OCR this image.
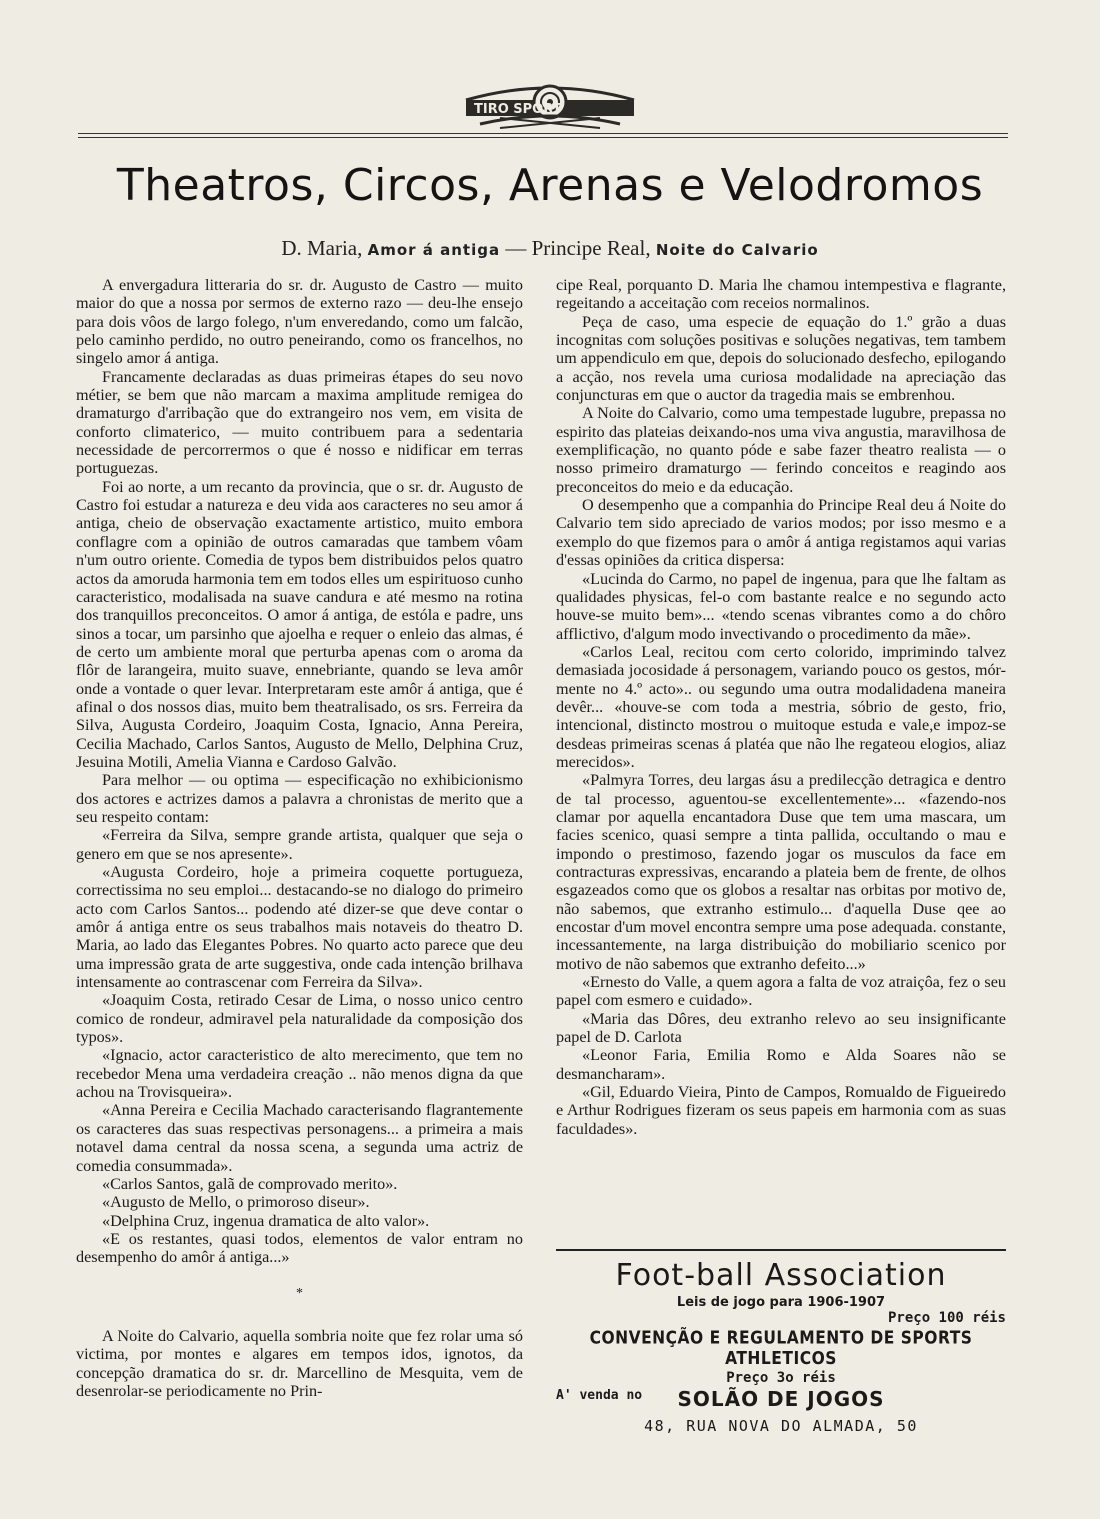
TIRO SPORT
Theatros, Circos, Arenas e Velodromos
D. Maria, Amor á antiga — Principe Real, Noite do Calvario

A envergadura litteraria do sr. dr. Augusto de Castro — muito maior do que a nossa por sermos de externo razo — deu-lhe ensejo para dois vôos de largo folego, n'um enveredando, como um falcão, pelo caminho perdido, no outro peneirando, como os francelhos, no singelo amor á antiga.

Francamente declaradas as duas primeiras étapes do seu novo métier, se bem que não marcam a maxima amplitude remigea do dramaturgo d'arribação que do extrangeiro nos vem, em visita de conforto climaterico, — muito contribuem para a sedentaria necessidade de percorrermos o que é nosso e nidificar em terras portuguezas.

Foi ao norte, a um recanto da provincia, que o sr. dr. Augusto de Castro foi estudar a natureza e deu vida aos caracteres no seu amor á antiga, cheio de observação exactamente artistico, muito embora conflagre com a opinião de outros camaradas que tambem vôam n'um outro oriente. Comedia de typos bem distribuidos pelos quatro actos da amoruda harmonia tem em todos elles um espirituoso cunho caracteristico, modalisada na suave candura e até mesmo na rotina dos tranquillos preconceitos. O amor á antiga, de estóla e padre, uns sinos a tocar, um parsinho que ajoelha e requer o enleio das almas, é de certo um ambiente moral que perturba apenas com o aroma da flôr de larangeira, muito suave, ennebriante, quando se leva amôr onde a vontade o quer levar. Interpretaram este amôr á antiga, que é afinal o dos nossos dias, muito bem theatralisado, os srs. Ferreira da Silva, Augusta Cordeiro, Joaquim Costa, Ignacio, Anna Pereira, Cecilia Machado, Carlos Santos, Augusto de Mello, Delphina Cruz, Jesuina Motili, Amelia Vianna e Cardoso Galvão.

Para melhor — ou optima — especificação no exhibicionismo dos actores e actrizes damos a palavra a chronistas de merito que a seu respeito contam:

«Ferreira da Silva, sempre grande artista, qualquer que seja o genero em que se nos apresente».

«Augusta Cordeiro, hoje a primeira coquette portugueza, correctissima no seu emploi... destacando-se no dialogo do primeiro acto com Carlos Santos... podendo até dizer-se que deve contar o amôr á antiga entre os seus trabalhos mais notaveis do theatro D. Maria, ao lado das Elegantes Pobres. No quarto acto parece que deu uma impressão grata de arte suggestiva, onde cada intenção brilhava intensamente ao contrascenar com Ferreira da Silva».

«Joaquim Costa, retirado Cesar de Lima, o nosso unico centro comico de rondeur, admiravel pela naturalidade da composição dos typos».

«Ignacio, actor caracteristico de alto merecimento, que tem no recebedor Mena uma verdadeira creação .. não menos digna da que achou na Trovisqueira».

«Anna Pereira e Cecilia Machado caracterisando flagrantemente os caracteres das suas respectivas personagens... a primeira a mais notavel dama central da nossa scena, a segunda uma actriz de comedia consummada».

«Carlos Santos, galã de comprovado merito».

«Augusto de Mello, o primoroso diseur».

«Delphina Cruz, ingenua dramatica de alto valor».

«E os restantes, quasi todos, elementos de valor entram no desempenho do amôr á antiga...»

*

A Noite do Calvario, aquella sombria noite que fez rolar uma só victima, por montes e algares em tempos idos, ignotos, da concepção dramatica do sr. dr. Marcellino de Mesquita, vem de desenrolar-se periodicamente no Prin-

cipe Real, porquanto D. Maria lhe chamou intempestiva e flagrante, regeitando a acceitação com receios normalinos.

Peça de caso, uma especie de equação do 1.º grão a duas incognitas com soluções positivas e soluções negativas, tem tambem um appendiculo em que, depois do solucionado desfecho, epilogando a acção, nos revela uma curiosa modalidade na apreciação das conjuncturas em que o auctor da tragedia mais se embrenhou.

A Noite do Calvario, como uma tempestade lugubre, prepassa no espirito das plateias deixando-nos uma viva angustia, maravilhosa de exemplificação, no quanto póde e sabe fazer theatro realista — o nosso primeiro dramaturgo — ferindo conceitos e reagindo aos preconceitos do meio e da educação.

O desempenho que a companhia do Principe Real deu á Noite do Calvario tem sido apreciado de varios modos; por isso mesmo e a exemplo do que fizemos para o amôr á antiga registamos aqui varias d'essas opiniões da critica dispersa:

«Lucinda do Carmo, no papel de ingenua, para que lhe faltam as qualidades physicas, fel-o com bastante realce e no segundo acto houve-se muito bem»... «tendo scenas vibrantes como a do chôro afflictivo, d'algum modo invectivando o procedimento da mãe».

«Carlos Leal, recitou com certo colorido, imprimindo talvez demasiada jocosidade á personagem, variando pouco os gestos, mór-mente no 4.º acto».. ou segundo uma outra modalidadena maneira devêr... «houve-se com toda a mestria, sóbrio de gesto, frio, intencional, distincto mostrou o muitoque estuda e vale,e impoz-se desdeas primeiras scenas á platéa que não lhe regateou elogios, aliaz merecidos».

«Palmyra Torres, deu largas ásu a predilecção detragica e dentro de tal processo, aguentou-se excellentemente»... «fazendo-nos clamar por aquella encantadora Duse que tem uma mascara, um facies scenico, quasi sempre a tinta pallida, occultando o mau e impondo o prestimoso, fazendo jogar os musculos da face em contracturas expressivas, encarando a plateia bem de frente, de olhos esgazeados como que os globos a resaltar nas orbitas por motivo de, não sabemos, que extranho estimulo... d'aquella Duse qee ao encostar d'um movel encontra sempre uma pose adequada. constante, incessantemente, na larga distribuição do mobiliario scenico por motivo de não sabemos que extranho defeito...»

«Ernesto do Valle, a quem agora a falta de voz atraiçôa, fez o seu papel com esmero e cuidado».

«Maria das Dôres, deu extranho relevo ao seu insignificante papel de D. Carlota

«Leonor Faria, Emilia Romo e Alda Soares não se desmancharam».

«Gil, Eduardo Vieira, Pinto de Campos, Romualdo de Figueiredo e Arthur Rodrigues fizeram os seus papeis em harmonia com as suas faculdades».

Foot-ball Association
Leis de jogo para 1906-1907
Preço 100 réis
CONVENÇÃO E REGULAMENTO DE SPORTS ATHLETICOS
Preço 3o réis
A' venda no	SOLÃO DE JOGOS
48, RUA NOVA DO ALMADA, 50
